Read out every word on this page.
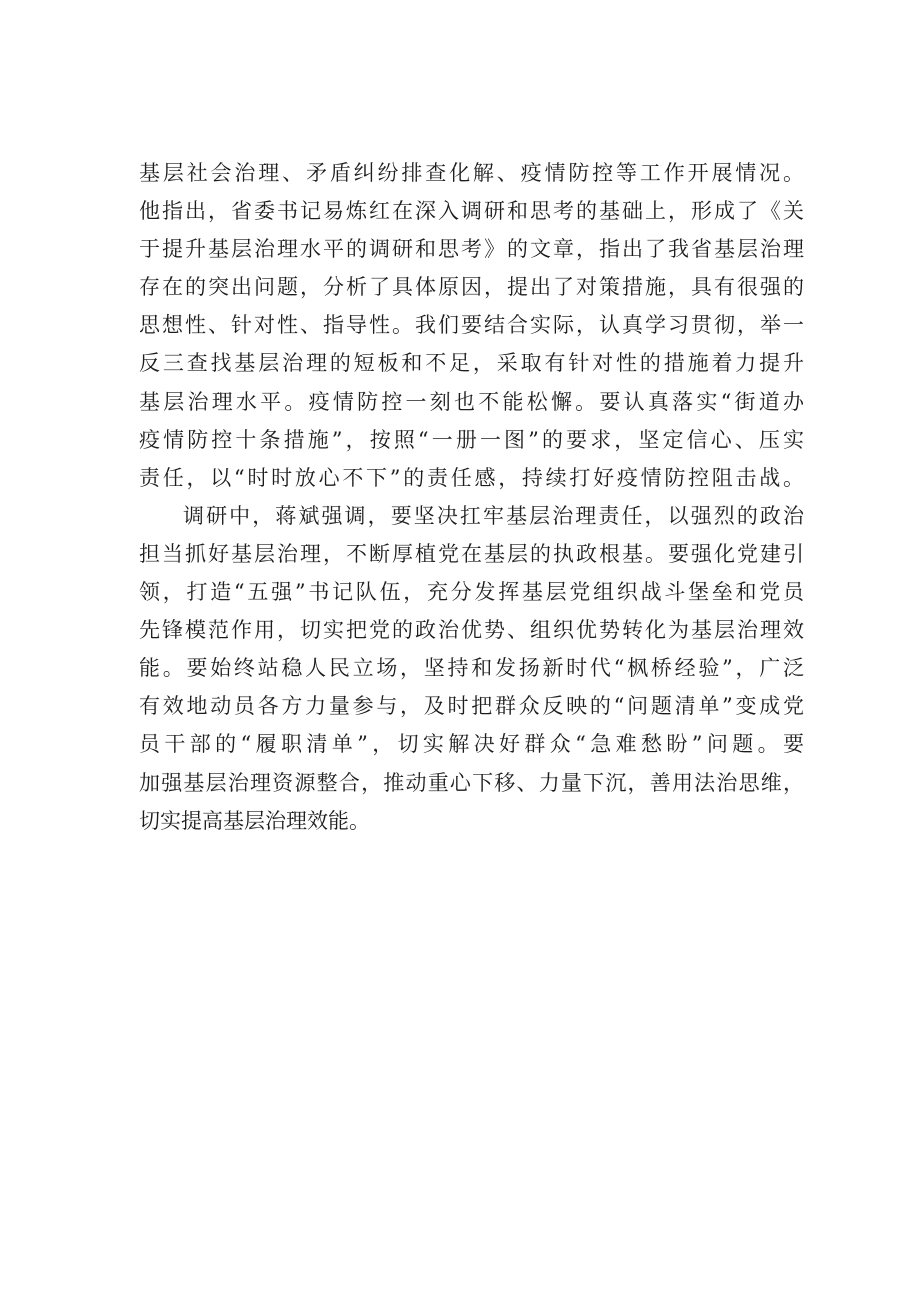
基层社会治理、矛盾纠纷排查化解、疫情防控等工作开展情况。
他指出，省委书记易炼红在深入调研和思考的基础上，形成了《关
于提升基层治理水平的调研和思考》的文章，指出了我省基层治理
存在的突出问题，分析了具体原因，提出了对策措施，具有很强的
思想性、针对性、指导性。我们要结合实际，认真学习贯彻，举一
反三查找基层治理的短板和不足，采取有针对性的措施着力提升
基层治理水平。疫情防控一刻也不能松懈。要认真落实“街道办
疫情防控十条措施”，按照“一册一图”的要求，坚定信心、压实
责任，以“时时放心不下”的责任感，持续打好疫情防控阻击战。
调研中，蒋斌强调，要坚决扛牢基层治理责任，以强烈的政治
担当抓好基层治理，不断厚植党在基层的执政根基。要强化党建引
领，打造“五强”书记队伍，充分发挥基层党组织战斗堡垒和党员
先锋模范作用，切实把党的政治优势、组织优势转化为基层治理效
能。要始终站稳人民立场，坚持和发扬新时代“枫桥经验”，广泛
有效地动员各方力量参与，及时把群众反映的“问题清单”变成党
员干部的“履职清单”，切实解决好群众“急难愁盼”问题。要
加强基层治理资源整合，推动重心下移、力量下沉，善用法治思维，
切实提高基层治理效能。
